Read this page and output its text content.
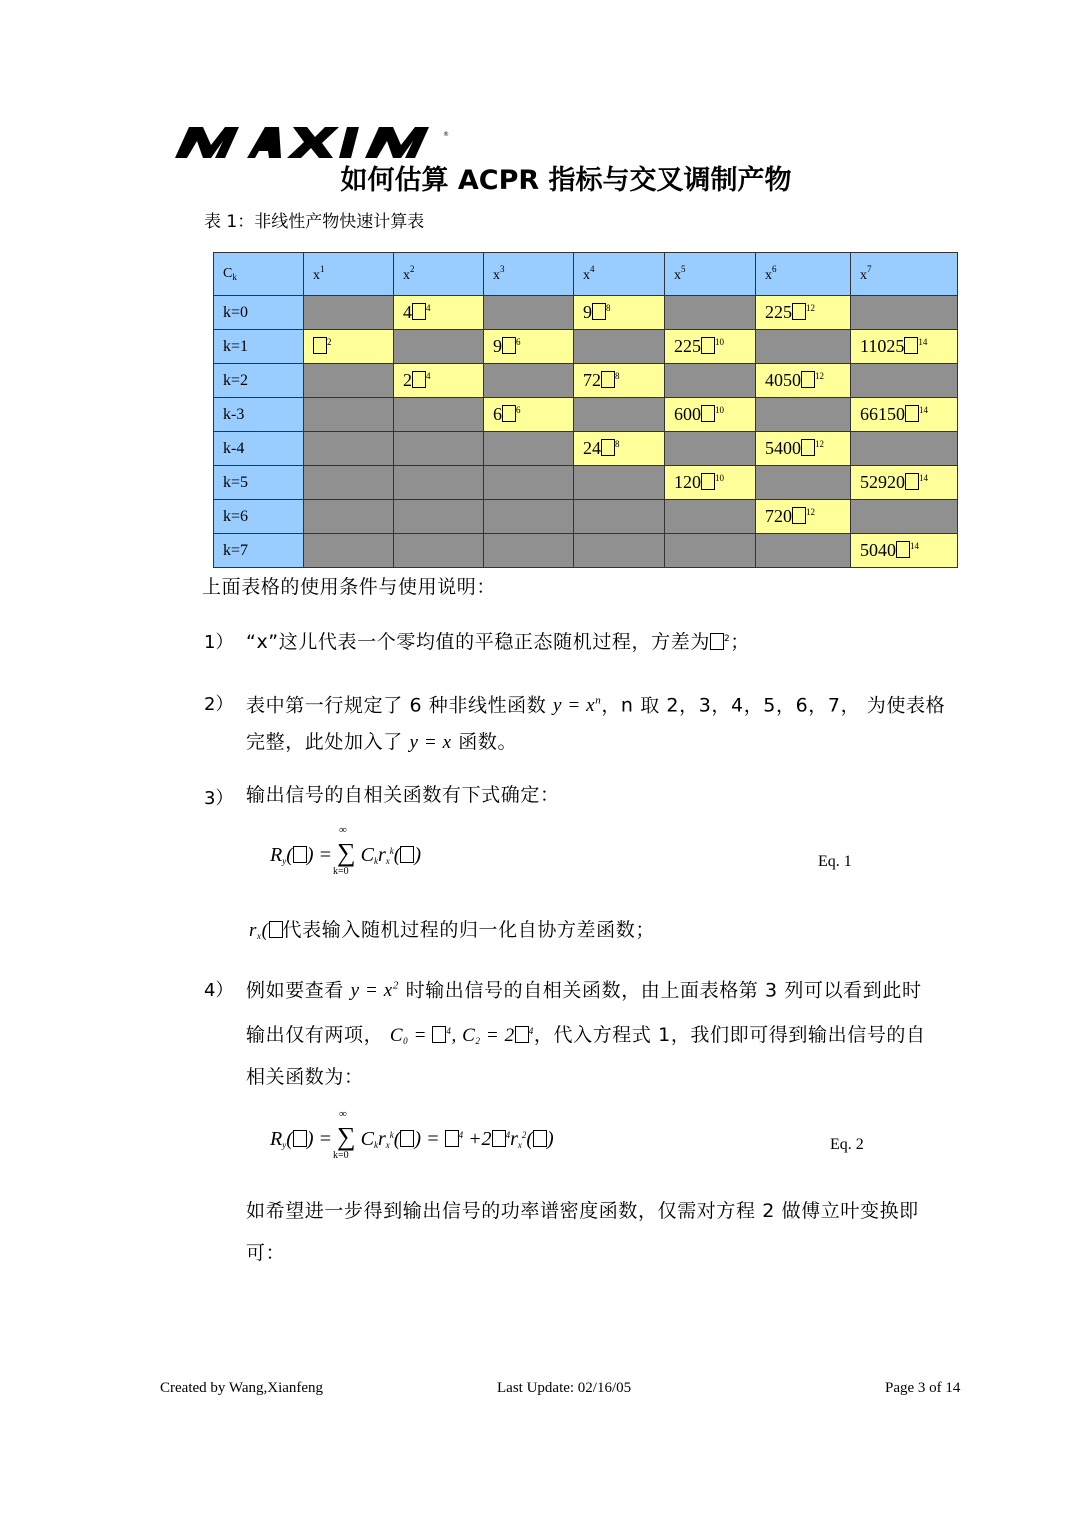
®
如何估算 ACPR 指标与交叉调制产物
表 1：非线性产物快速计算表
$C_k$	$x^1$	$x^2$	$x^3$	$x^4$	$x^5$	$x^6$	$x^7$
k=0		4 $^4$		9 $^8$		225 $^{12}$	
k=1	$^2$		9 $^6$		225 $^{10}$		11025 $^{14}$
k=2		2 $^4$		72 $^8$		4050 $^{12}$	
k-3			6 $^6$		600 $^{10}$		66150 $^{14}$
k-4				24 $^8$		5400 $^{12}$	
k=5					120 $^{10}$		52920 $^{14}$
k=6						720 $^{12}$	
k=7							5040 $^{14}$
上面表格的使用条件与使用说明：
1） “x”这儿代表一个零均值的平稳正态随机过程，方差为 $^2$；
2） 表中第一行规定了 6 种非线性函数 $y = x^n$，n 取 2，3，4，5，6，7， 为使表格
完整，此处加入了 y = x 函数。
3） 输出信号的自相关函数有下式确定：
$R_y$( ) = ∑
∞
k=0
$C_kr_x^k$( )	Eq. 1
$r_x$( 代表输入随机过程的归一化自协方差函数；
4） 例如要查看 $y = x^2$ 时输出信号的自相关函数，由上面表格第 3 列可以看到此时
输出仅有两项， $C_0 = ^4$, $C_2 = 2$ $^4$，代入方程式 1，我们即可得到输出信号的自
相关函数为：
$R_y$( ) = ∑
∞
k=0
$C_kr_x^k$( ) = $^4$ +2 $^4r_x^2$( )	Eq. 2
如希望进一步得到输出信号的功率谱密度函数，仅需对方程 2 做傅立叶变换即
可：
Created by Wang,Xianfeng	Last Update: 02/16/05	Page 3 of 14
